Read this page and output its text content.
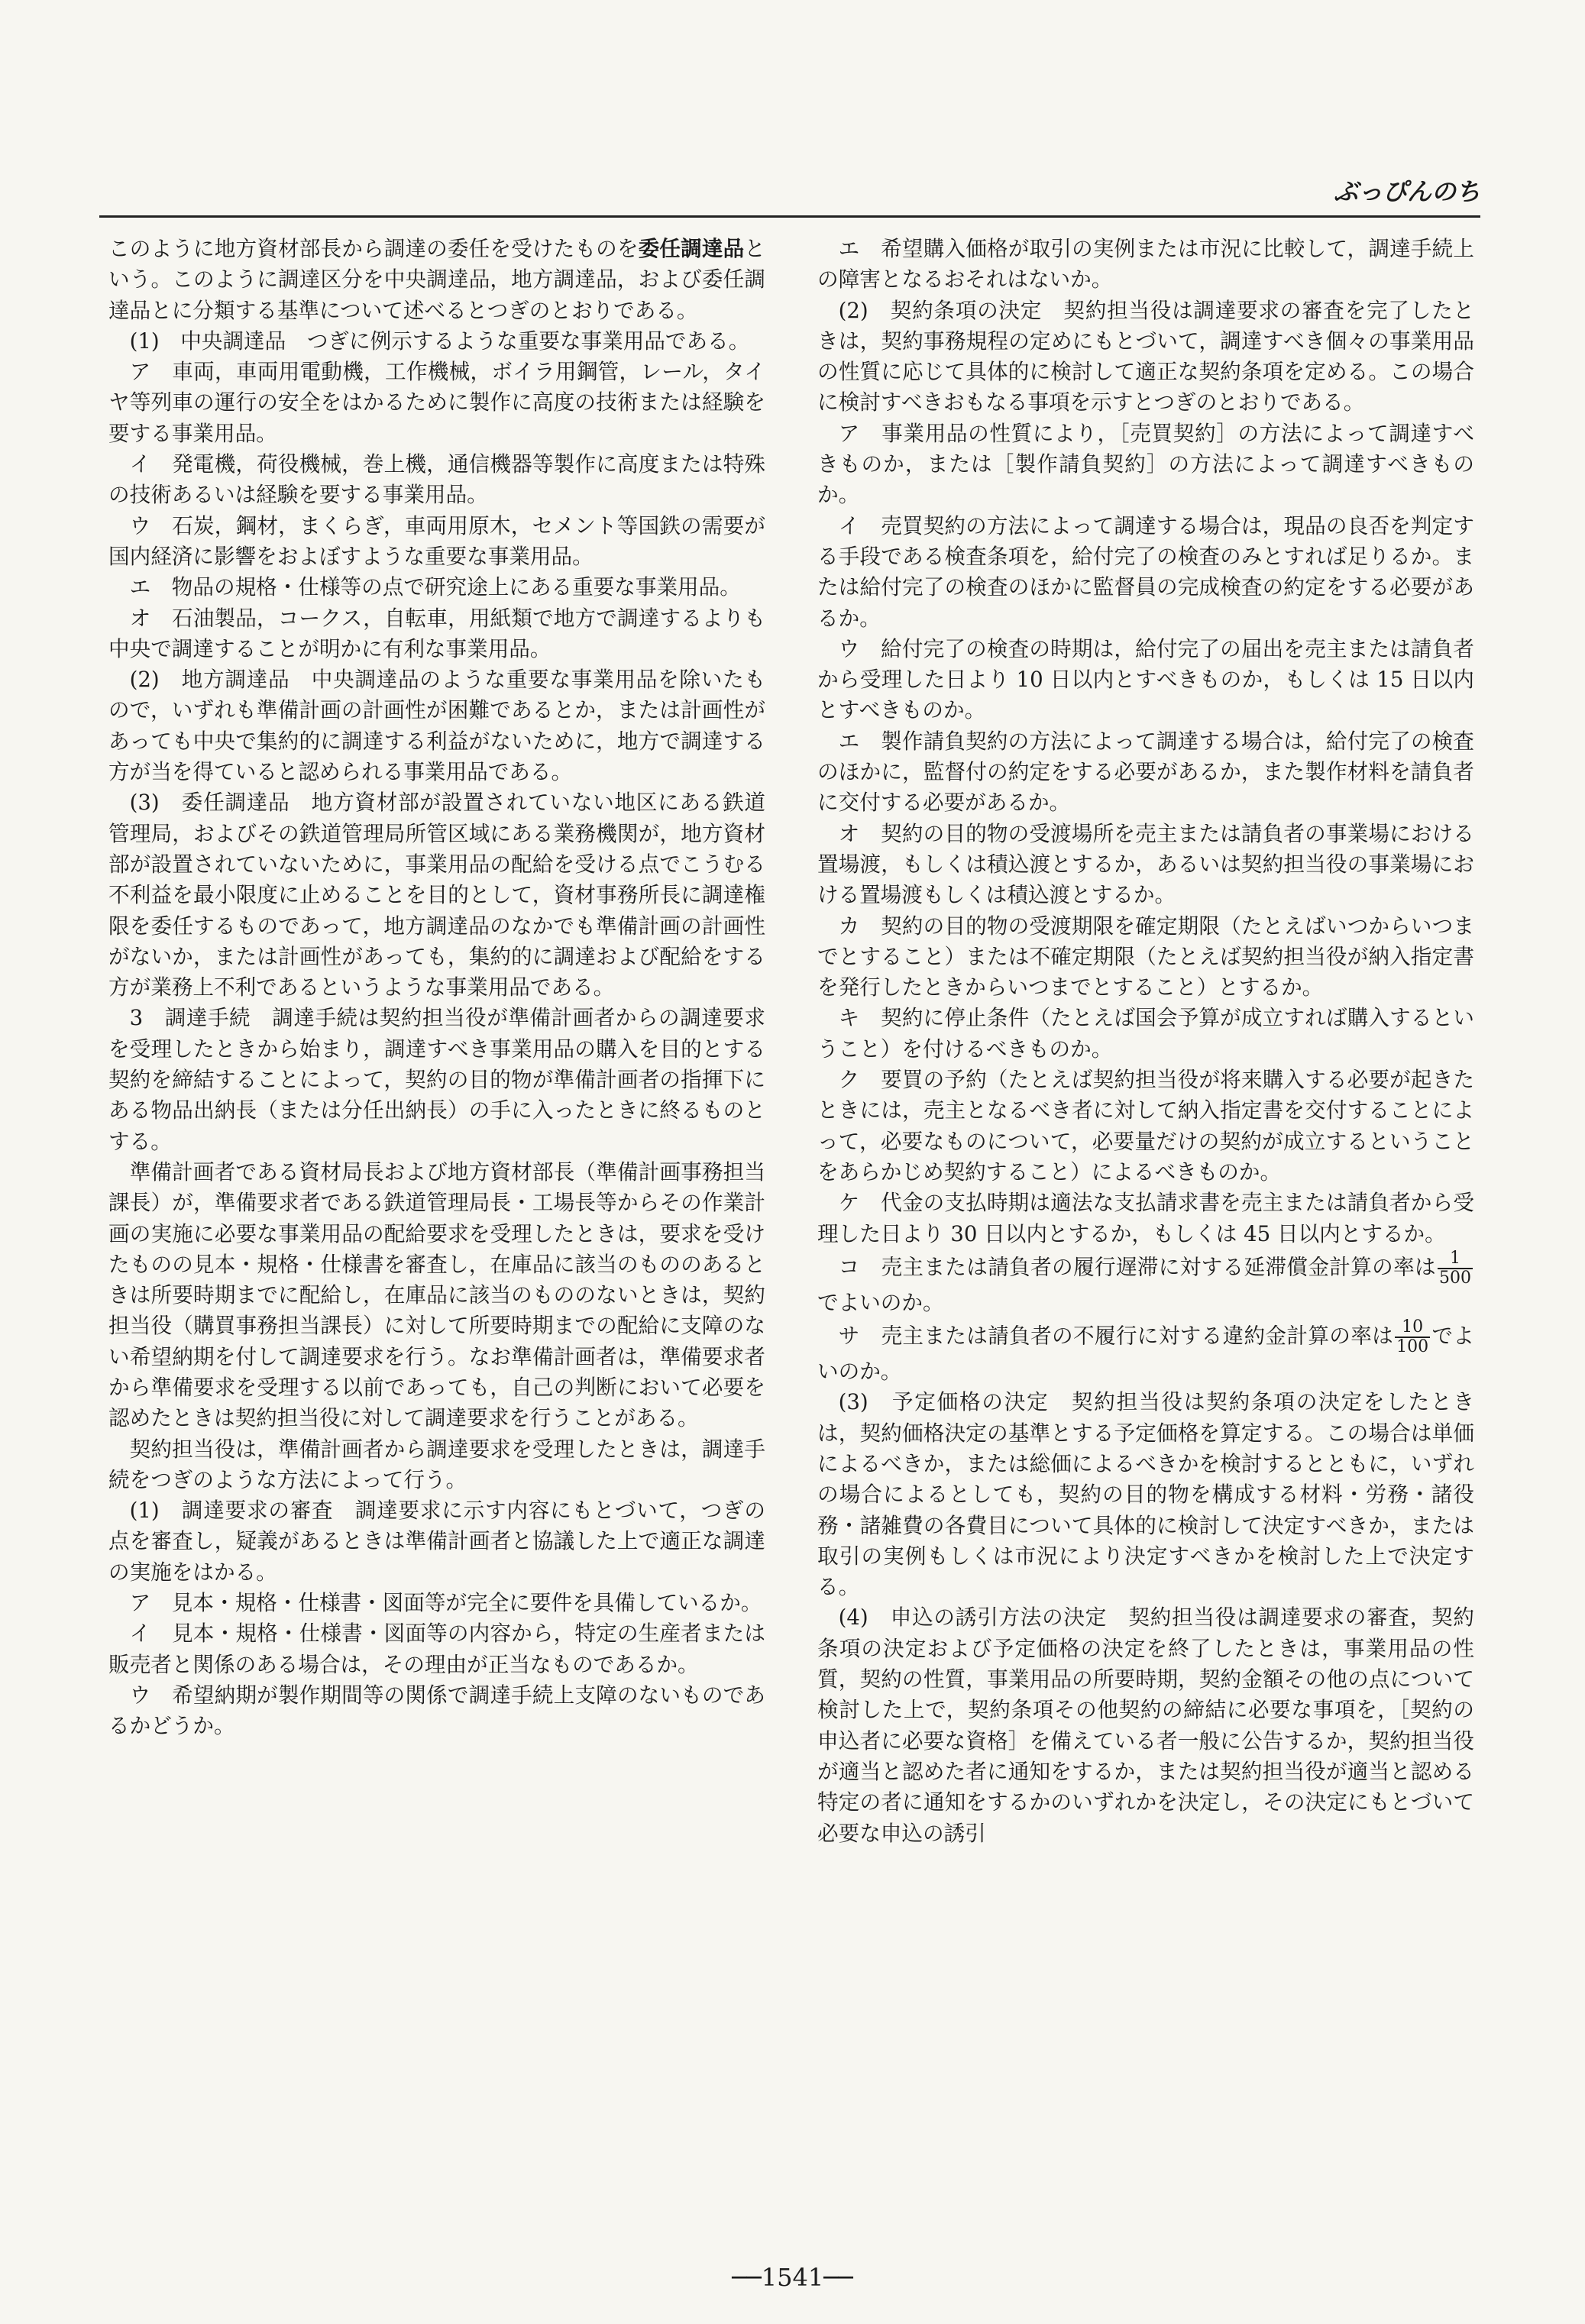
ぶっぴんのち

このように地方資材部長から調達の委任を受けたものを委任調達品という。このように調達区分を中央調達品，地方調達品，および委任調達品とに分類する基準について述べるとつぎのとおりである。

(1)　中央調達品　つぎに例示するような重要な事業用品である。

ア　車両，車両用電動機，工作機械，ボイラ用鋼管，レール，タイヤ等列車の運行の安全をはかるために製作に高度の技術または経験を要する事業用品。

イ　発電機，荷役機械，巻上機，通信機器等製作に高度または特殊の技術あるいは経験を要する事業用品。

ウ　石炭，鋼材，まくらぎ，車両用原木，セメント等国鉄の需要が国内経済に影響をおよぼすような重要な事業用品。

エ　物品の規格・仕様等の点で研究途上にある重要な事業用品。

オ　石油製品，コークス，自転車，用紙類で地方で調達するよりも中央で調達することが明かに有利な事業用品。

(2)　地方調達品　中央調達品のような重要な事業用品を除いたもので，いずれも準備計画の計画性が困難であるとか，または計画性があっても中央で集約的に調達する利益がないために，地方で調達する方が当を得ていると認められる事業用品である。

(3)　委任調達品　地方資材部が設置されていない地区にある鉄道管理局，およびその鉄道管理局所管区域にある業務機関が，地方資材部が設置されていないために，事業用品の配給を受ける点でこうむる不利益を最小限度に止めることを目的として，資材事務所長に調達権限を委任するものであって，地方調達品のなかでも準備計画の計画性がないか，または計画性があっても，集約的に調達および配給をする方が業務上不利であるというような事業用品である。

3　調達手続　調達手続は契約担当役が準備計画者からの調達要求を受理したときから始まり，調達すべき事業用品の購入を目的とする契約を締結することによって，契約の目的物が準備計画者の指揮下にある物品出納長（または分任出納長）の手に入ったときに終るものとする。

準備計画者である資材局長および地方資材部長（準備計画事務担当課長）が，準備要求者である鉄道管理局長・工場長等からその作業計画の実施に必要な事業用品の配給要求を受理したときは，要求を受けたものの見本・規格・仕様書を審査し，在庫品に該当のもののあるときは所要時期までに配給し，在庫品に該当のもののないときは，契約担当役（購買事務担当課長）に対して所要時期までの配給に支障のない希望納期を付して調達要求を行う。なお準備計画者は，準備要求者から準備要求を受理する以前であっても，自己の判断において必要を認めたときは契約担当役に対して調達要求を行うことがある。

契約担当役は，準備計画者から調達要求を受理したときは，調達手続をつぎのような方法によって行う。

(1)　調達要求の審査　調達要求に示す内容にもとづいて，つぎの点を審査し，疑義があるときは準備計画者と協議した上で適正な調達の実施をはかる。

ア　見本・規格・仕様書・図面等が完全に要件を具備しているか。

イ　見本・規格・仕様書・図面等の内容から，特定の生産者または販売者と関係のある場合は，その理由が正当なものであるか。

ウ　希望納期が製作期間等の関係で調達手続上支障のないものであるかどうか。

エ　希望購入価格が取引の実例または市況に比較して，調達手続上の障害となるおそれはないか。

(2)　契約条項の決定　契約担当役は調達要求の審査を完了したときは，契約事務規程の定めにもとづいて，調達すべき個々の事業用品の性質に応じて具体的に検討して適正な契約条項を定める。この場合に検討すべきおもなる事項を示すとつぎのとおりである。

ア　事業用品の性質により，［売買契約］の方法によって調達すべきものか，または［製作請負契約］の方法によって調達すべきものか。

イ　売買契約の方法によって調達する場合は，現品の良否を判定する手段である検査条項を，給付完了の検査のみとすれば足りるか。または給付完了の検査のほかに監督員の完成検査の約定をする必要があるか。

ウ　給付完了の検査の時期は，給付完了の届出を売主または請負者から受理した日より 10 日以内とすべきものか，もしくは 15 日以内とすべきものか。

エ　製作請負契約の方法によって調達する場合は，給付完了の検査のほかに，監督付の約定をする必要があるか，また製作材料を請負者に交付する必要があるか。

オ　契約の目的物の受渡場所を売主または請負者の事業場における置場渡，もしくは積込渡とするか，あるいは契約担当役の事業場における置場渡もしくは積込渡とするか。

カ　契約の目的物の受渡期限を確定期限（たとえばいつからいつまでとすること）または不確定期限（たとえば契約担当役が納入指定書を発行したときからいつまでとすること）とするか。

キ　契約に停止条件（たとえば国会予算が成立すれば購入するということ）を付けるべきものか。

ク　要買の予約（たとえば契約担当役が将来購入する必要が起きたときには，売主となるべき者に対して納入指定書を交付することによって，必要なものについて，必要量だけの契約が成立するということをあらかじめ契約すること）によるべきものか。

ケ　代金の支払時期は適法な支払請求書を売主または請負者から受理した日より 30 日以内とするか，もしくは 45 日以内とするか。

コ　売主または請負者の履行遅滞に対する延滞償金計算の率は $\frac{1}{500}$
でよいのか。

サ　売主または請負者の不履行に対する違約金計算の率は $\frac{10}{100}$ でよいのか。

(3)　予定価格の決定　契約担当役は契約条項の決定をしたときは，契約価格決定の基準とする予定価格を算定する。この場合は単価によるべきか，または総価によるべきかを検討するとともに，いずれの場合によるとしても，契約の目的物を構成する材料・労務・諸役務・諸雑費の各費目について具体的に検討して決定すべきか，または取引の実例もしくは市況により決定すべきかを検討した上で決定する。

(4)　申込の誘引方法の決定　契約担当役は調達要求の審査，契約条項の決定および予定価格の決定を終了したときは，事業用品の性質，契約の性質，事業用品の所要時期，契約金額その他の点について検討した上で，契約条項その他契約の締結に必要な事項を，［契約の申込者に必要な資格］を備えている者一般に公告するか，契約担当役が適当と認めた者に通知をするか，または契約担当役が適当と認める特定の者に通知をするかのいずれかを決定し，その決定にもとづいて必要な申込の誘引

──1541──
